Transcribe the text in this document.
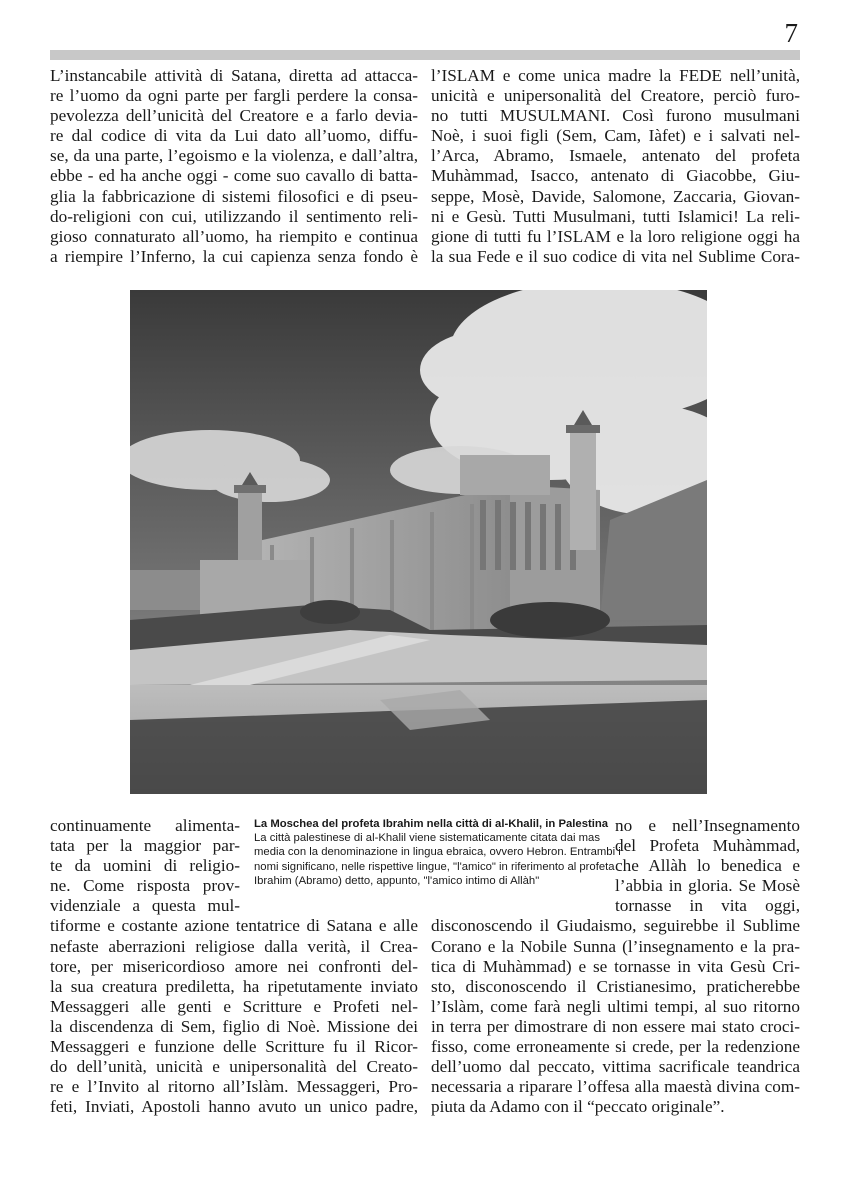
7
L’instancabile attività di Satana, diretta ad attacca-
re l’uomo da ogni parte per fargli perdere la consa-
pevolezza dell’unicità del Creatore e a farlo devia-
re dal codice di vita da Lui dato all’uomo, diffu-
se, da una parte, l’egoismo e la violenza, e dall’altra,
ebbe - ed ha anche oggi - come suo cavallo di batta-
glia la fabbricazione di sistemi filosofici e di pseu-
do-religioni con cui, utilizzando il sentimento reli-
gioso connaturato all’uomo, ha riempito e continua
a riempire l’Inferno, la cui capienza senza fondo è
l’ISLAM e come unica madre la FEDE nell’unità,
unicità e unipersonalità del Creatore, perciò furo-
no tutti MUSULMANI. Così furono musulmani
Noè, i suoi figli (Sem, Cam, Iàfet) e i salvati nel-
l’Arca, Abramo, Ismaele, antenato del profeta
Muhàmmad, Isacco, antenato di Giacobbe, Giu-
seppe, Mosè, Davide, Salomone, Zaccaria, Giovan-
ni e Gesù. Tutti Musulmani, tutti Islamici! La reli-
gione di tutti fu l’ISLAM e la loro religione oggi ha
la sua Fede e il suo codice di vita nel Sublime Cora-
La Moschea del profeta Ibrahim nella città di al-Khalil, in Palestina
La città palestinese di al-Khalil viene sistematicamente citata dai mas
media con la denominazione in lingua ebraica, ovvero Hebron. Entrambi i
nomi significano, nelle rispettive lingue, "l'amico" in riferimento al profeta
Ibrahim (Abramo) detto, appunto, "l'amico intimo di Allàh"
continuamente alimenta-
tata per la maggior par-
te da uomini di religio-
ne. Come risposta prov-
videnziale a questa mul-
tiforme e costante azione tentatrice di Satana e alle
nefaste aberrazioni religiose dalla verità, il Crea-
tore, per misericordioso amore nei confronti del-
la sua creatura prediletta, ha ripetutamente inviato
Messaggeri alle genti e Scritture e Profeti nel-
la discendenza di Sem, figlio di Noè. Missione dei
Messaggeri e funzione delle Scritture fu il Ricor-
do dell’unità, unicità e unipersonalità del Creato-
re e l’Invito al ritorno all’Islàm. Messaggeri, Pro-
feti, Inviati, Apostoli hanno avuto un unico padre,
no e nell’Insegnamento
del Profeta Muhàmmad,
che Allàh lo benedica e
l’abbia in gloria. Se Mosè
tornasse in vita oggi,
disconoscendo il Giudaismo, seguirebbe il Sublime
Corano e la Nobile Sunna (l’insegnamento e la pra-
tica di Muhàmmad) e se tornasse in vita Gesù Cri-
sto, disconoscendo il Cristianesimo, praticherebbe
l’Islàm, come farà negli ultimi tempi, al suo ritorno
in terra per dimostrare di non essere mai stato croci-
fisso, come erroneamente si crede, per la redenzione
dell’uomo dal peccato, vittima sacrificale teandrica
necessaria a riparare l’offesa alla maestà divina com-
piuta da Adamo con il “peccato originale”.
